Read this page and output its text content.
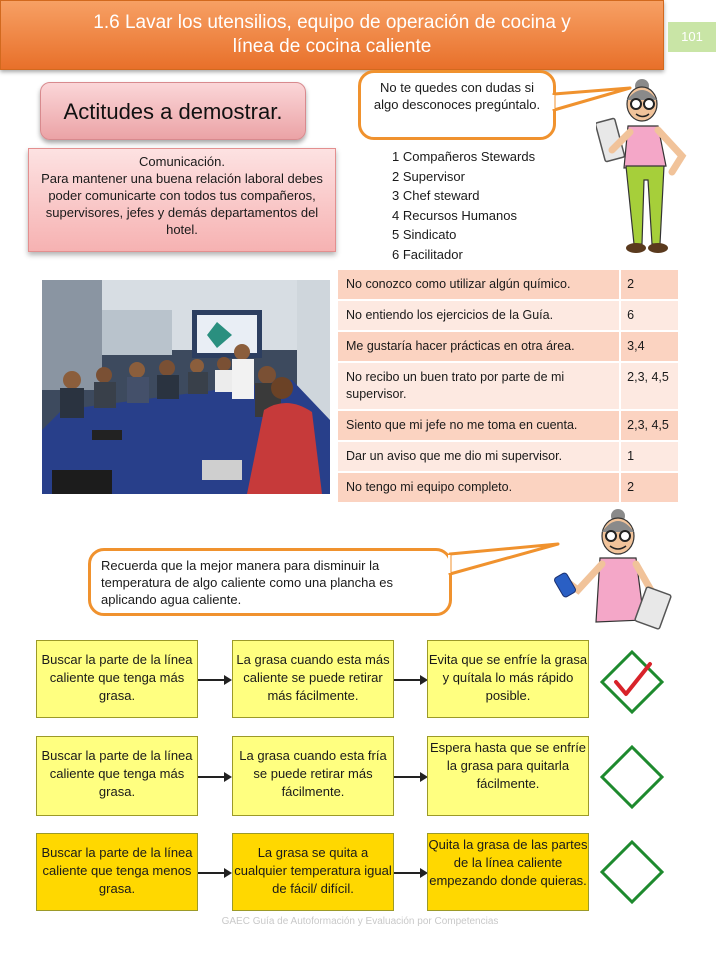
1.6 Lavar los utensilios, equipo de operación de cocina y
línea de cocina caliente	101
Actitudes a demostrar.
Comunicación.
Para mantener una buena relación laboral debes poder comunicarte con todos tus compañeros, supervisores, jefes y demás departamentos del hotel.
No te quedes con dudas si algo desconoces pregúntalo.
1 Compañeros Stewards
2 Supervisor
3 Chef steward
4 Recursos Humanos
5 Sindicato
6 Facilitador
No conozco como utilizar algún químico.	2
No entiendo los ejercicios de la Guía.	6
Me gustaría hacer prácticas en otra área.	3,4
No recibo un buen trato por parte de mi supervisor.	2,3, 4,5
Siento que mi jefe no me toma en cuenta.	2,3, 4,5
Dar un aviso que me dio mi supervisor.	1
No tengo mi equipo completo.	2
Recuerda que la mejor manera para disminuir la temperatura de algo caliente como una plancha es aplicando agua caliente.
Buscar la parte de la línea caliente que tenga más grasa.
La grasa cuando esta más caliente se puede retirar más fácilmente.
Evita que se enfríe la grasa y quítala lo más rápido posible.
Buscar la parte de la línea caliente que tenga más grasa.
La grasa cuando esta fría se puede retirar más fácilmente.
Espera hasta que se enfríe la grasa para quitarla fácilmente.
Buscar la parte de la línea caliente que tenga menos grasa.
La grasa se quita a cualquier temperatura igual de fácil/ difícil.
Quita la grasa de las partes de la línea caliente empezando donde quieras.
GAEC Guía de Autoformación y Evaluación por Competencias
